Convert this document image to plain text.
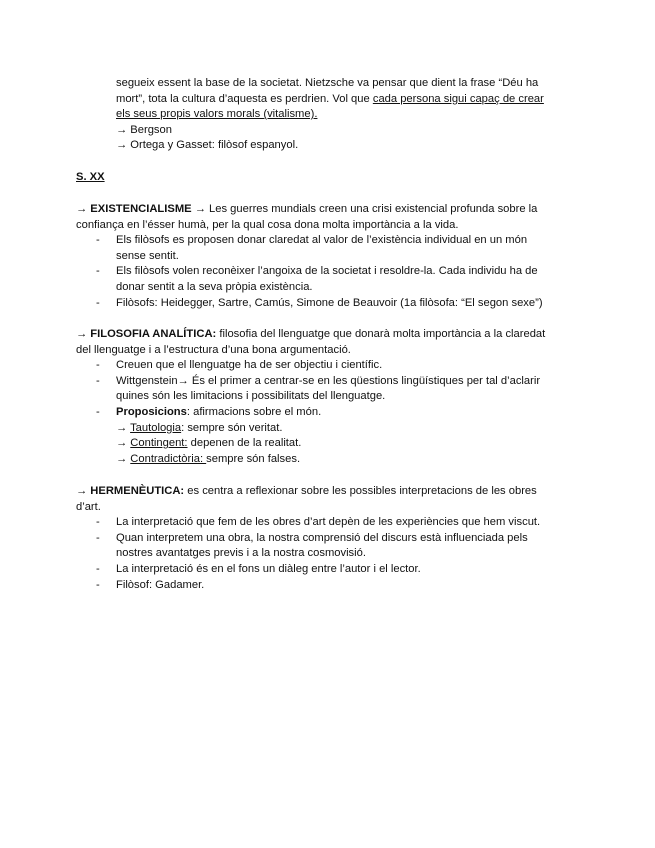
segueix essent la base de la societat. Nietzsche va pensar que dient la frase “Déu ha
mort”, tota la cultura d’aquesta es perdrien. Vol que cada persona sigui capaç de crear
els seus propis valors morals (vitalisme).
→ Bergson
→ Ortega y Gasset: filòsof espanyol.
S. XX
→ EXISTENCIALISME → Les guerres mundials creen una crisi existencial profunda sobre la
confiança en l’ésser humà, per la qual cosa dona molta importància a la vida.
- Els filòsofs es proposen donar claredat al valor de l’existència individual en un món
sense sentit.
- Els filòsofs volen reconèixer l’angoixa de la societat i resoldre-la. Cada individu ha de
donar sentit a la seva pròpia existència.
- Filòsofs: Heidegger, Sartre, Camús, Simone de Beauvoir (1a filòsofa: “El segon sexe”)
→ FILOSOFIA ANALÍTICA: filosofia del llenguatge que donarà molta importància a la claredat
del llenguatge i a l’estructura d’una bona argumentació.
- Creuen que el llenguatge ha de ser objectiu i científic.
- Wittgenstein→ És el primer a centrar-se en les qüestions lingüístiques per tal d’aclarir
quines són les limitacions i possibilitats del llenguatge.
- Proposicions: afirmacions sobre el món.
→ Tautologia: sempre són veritat.
→ Contingent: depenen de la realitat.
→ Contradictòria: sempre són falses.
→ HERMENÈUTICA: es centra a reflexionar sobre les possibles interpretacions de les obres
d’art.
- La interpretació que fem de les obres d’art depèn de les experiències que hem viscut.
- Quan interpretem una obra, la nostra comprensió del discurs està influenciada pels
nostres avantatges previs i a la nostra cosmovisió.
- La interpretació és en el fons un diàleg entre l’autor i el lector.
- Filòsof: Gadamer.
